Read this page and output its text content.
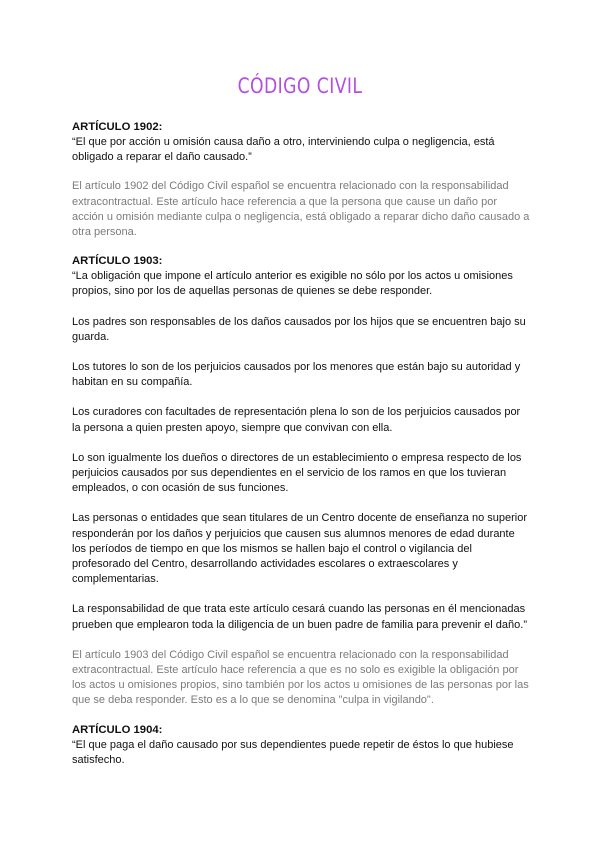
CÓDIGO CIVIL

ARTÍCULO 1902:

“El que por acción u omisión causa daño a otro, interviniendo culpa o negligencia, está obligado a reparar el daño causado.”

El artículo 1902 del Código Civil español se encuentra relacionado con la responsabilidad extracontractual. Este artículo hace referencia a que la persona que cause un daño por acción u omisión mediante culpa o negligencia, está obligado a reparar dicho daño causado a otra persona.

ARTÍCULO 1903:

“La obligación que impone el artículo anterior es exigible no sólo por los actos u omisiones propios, sino por los de aquellas personas de quienes se debe responder.

Los padres son responsables de los daños causados por los hijos que se encuentren bajo su guarda.

Los tutores lo son de los perjuicios causados por los menores que están bajo su autoridad y habitan en su compañía.

Los curadores con facultades de representación plena lo son de los perjuicios causados por la persona a quien presten apoyo, siempre que convivan con ella.

Lo son igualmente los dueños o directores de un establecimiento o empresa respecto de los perjuicios causados por sus dependientes en el servicio de los ramos en que los tuvieran empleados, o con ocasión de sus funciones.

Las personas o entidades que sean titulares de un Centro docente de enseñanza no superior responderán por los daños y perjuicios que causen sus alumnos menores de edad durante los períodos de tiempo en que los mismos se hallen bajo el control o vigilancia del profesorado del Centro, desarrollando actividades escolares o extraescolares y complementarias.

La responsabilidad de que trata este artículo cesará cuando las personas en él mencionadas prueben que emplearon toda la diligencia de un buen padre de familia para prevenir el daño.”

El artículo 1903 del Código Civil español se encuentra relacionado con la responsabilidad extracontractual. Este artículo hace referencia a que es no solo es exigible la obligación por los actos u omisiones propios, sino también por los actos u omisiones de las personas por las que se deba responder. Esto es a lo que se denomina "culpa in vigilando".

ARTÍCULO 1904:

“El que paga el daño causado por sus dependientes puede repetir de éstos lo que hubiese satisfecho.
